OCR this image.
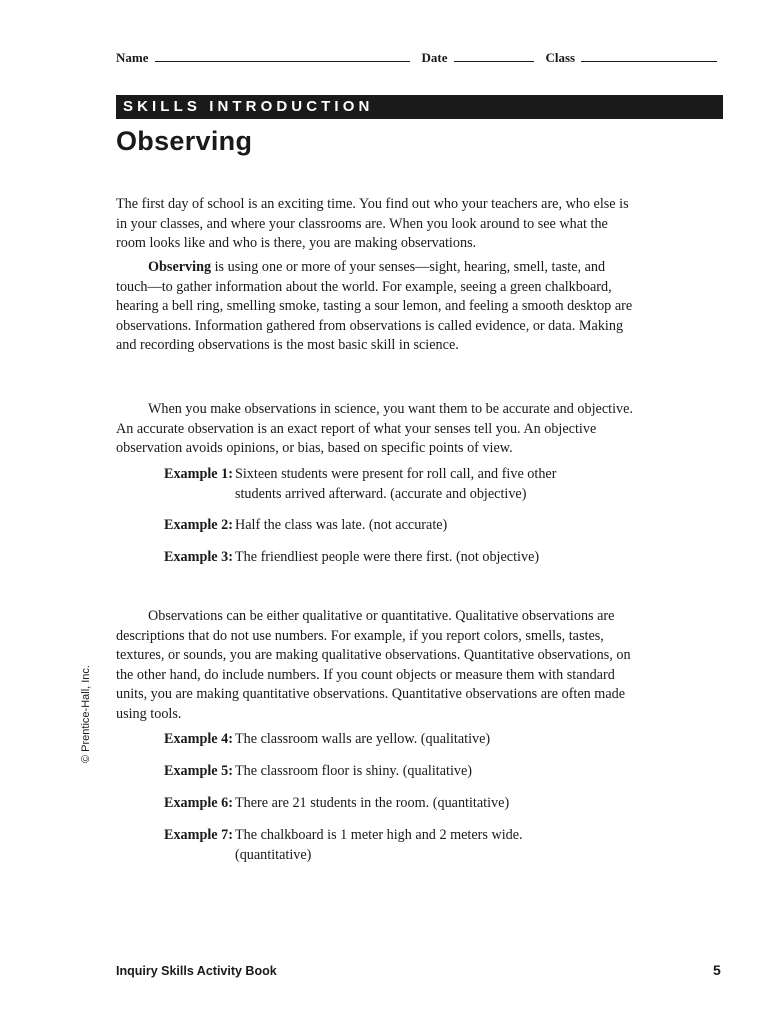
Name	Date	Class
SKILLS INTRODUCTION
Observing

The first day of school is an exciting time. You find out who your teachers are, who else is in your classes, and where your classrooms are. When you look around to see what the room looks like and who is there, you are making observations.

Observing is using one or more of your senses—sight, hearing, smell, taste, and touch—to gather information about the world. For example, seeing a green chalkboard, hearing a bell ring, smelling smoke, tasting a sour lemon, and feeling a smooth desktop are observations. Information gathered from observations is called evidence, or data. Making and recording observations is the most basic skill in science.

When you make observations in science, you want them to be accurate and objective. An accurate observation is an exact report of what your senses tell you. An objective observation avoids opinions, or bias, based on specific points of view.

Example 1: Sixteen students were present for roll call, and five other students arrived afterward. (accurate and objective)
Example 2: Half the class was late. (not accurate)
Example 3: The friendliest people were there first. (not objective)

Observations can be either qualitative or quantitative. Qualitative observations are descriptions that do not use numbers. For example, if you report colors, smells, tastes, textures, or sounds, you are making qualitative observations. Quantitative observations, on the other hand, do include numbers. If you count objects or measure them with standard units, you are making quantitative observations. Quantitative observations are often made using tools.

Example 4: The classroom walls are yellow. (qualitative)
Example 5: The classroom floor is shiny. (qualitative)
Example 6: There are 21 students in the room. (quantitative)
Example 7: The chalkboard is 1 meter high and 2 meters wide. (quantitative)
© Prentice-Hall, Inc.
Inquiry Skills Activity Book	5
